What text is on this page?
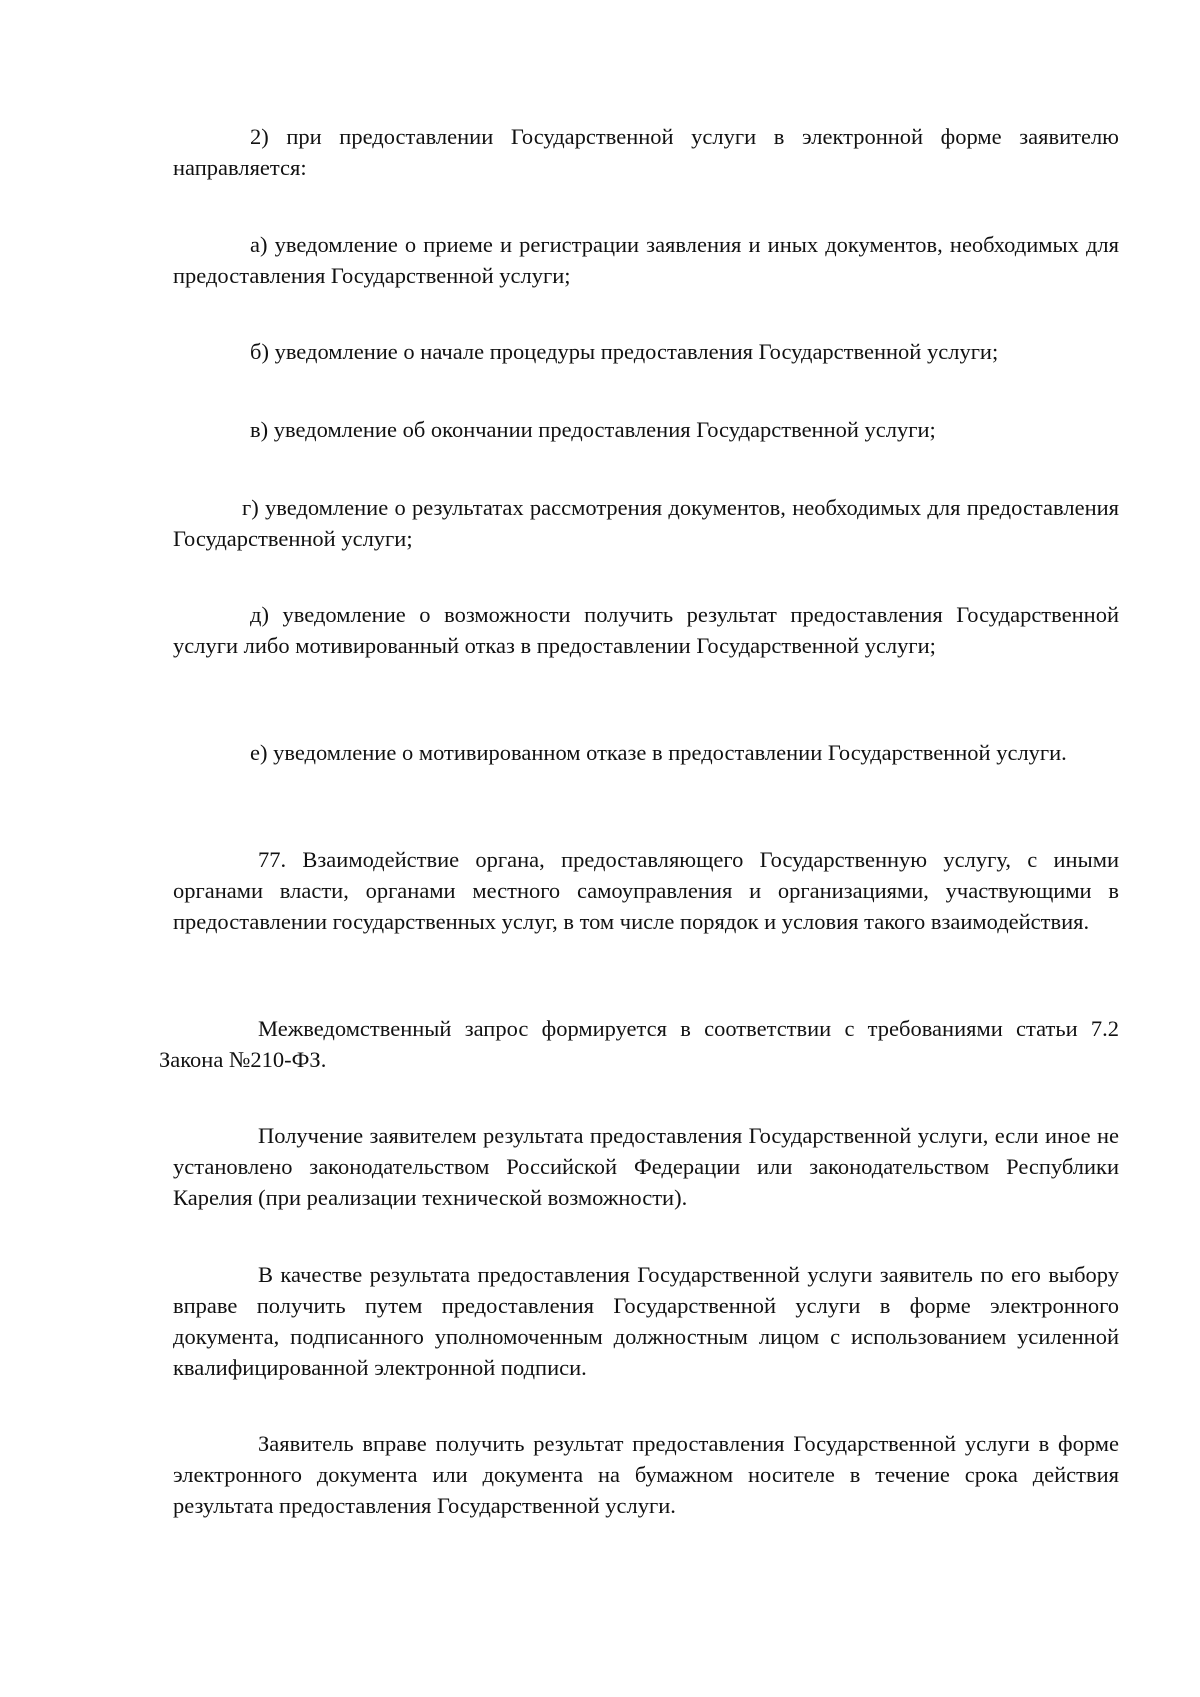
2) при предоставлении Государственной услуги в электронной форме заявителю направляется:

а) уведомление о приеме и регистрации заявления и иных документов, необходимых для предоставления Государственной услуги;

б) уведомление о начале процедуры предоставления Государственной услуги;

в) уведомление об окончании предоставления Государственной услуги;

г) уведомление о результатах рассмотрения документов, необходимых для предоставления Государственной услуги;

д) уведомление о возможности получить результат предоставления Государственной услуги либо мотивированный отказ в предоставлении Государственной услуги;

е) уведомление о мотивированном отказе в предоставлении Государственной услуги.

77. Взаимодействие органа, предоставляющего Государственную услугу, с иными органами власти, органами местного самоуправления и организациями, участвующими в предоставлении государственных услуг, в том числе порядок и условия такого взаимодействия.

Межведомственный запрос формируется в соответствии с требованиями статьи 7.2 Закона №210-ФЗ.

Получение заявителем результата предоставления Государственной услуги, если иное не установлено законодательством Российской Федерации или законодательством Республики Карелия (при реализации технической возможности).

В качестве результата предоставления Государственной услуги заявитель по его выбору вправе получить путем предоставления Государственной услуги в форме электронного документа, подписанного уполномоченным должностным лицом с использованием усиленной квалифицированной электронной подписи.

Заявитель вправе получить результат предоставления Государственной услуги в форме электронного документа или документа на бумажном носителе в течение срока действия результата предоставления Государственной услуги.
